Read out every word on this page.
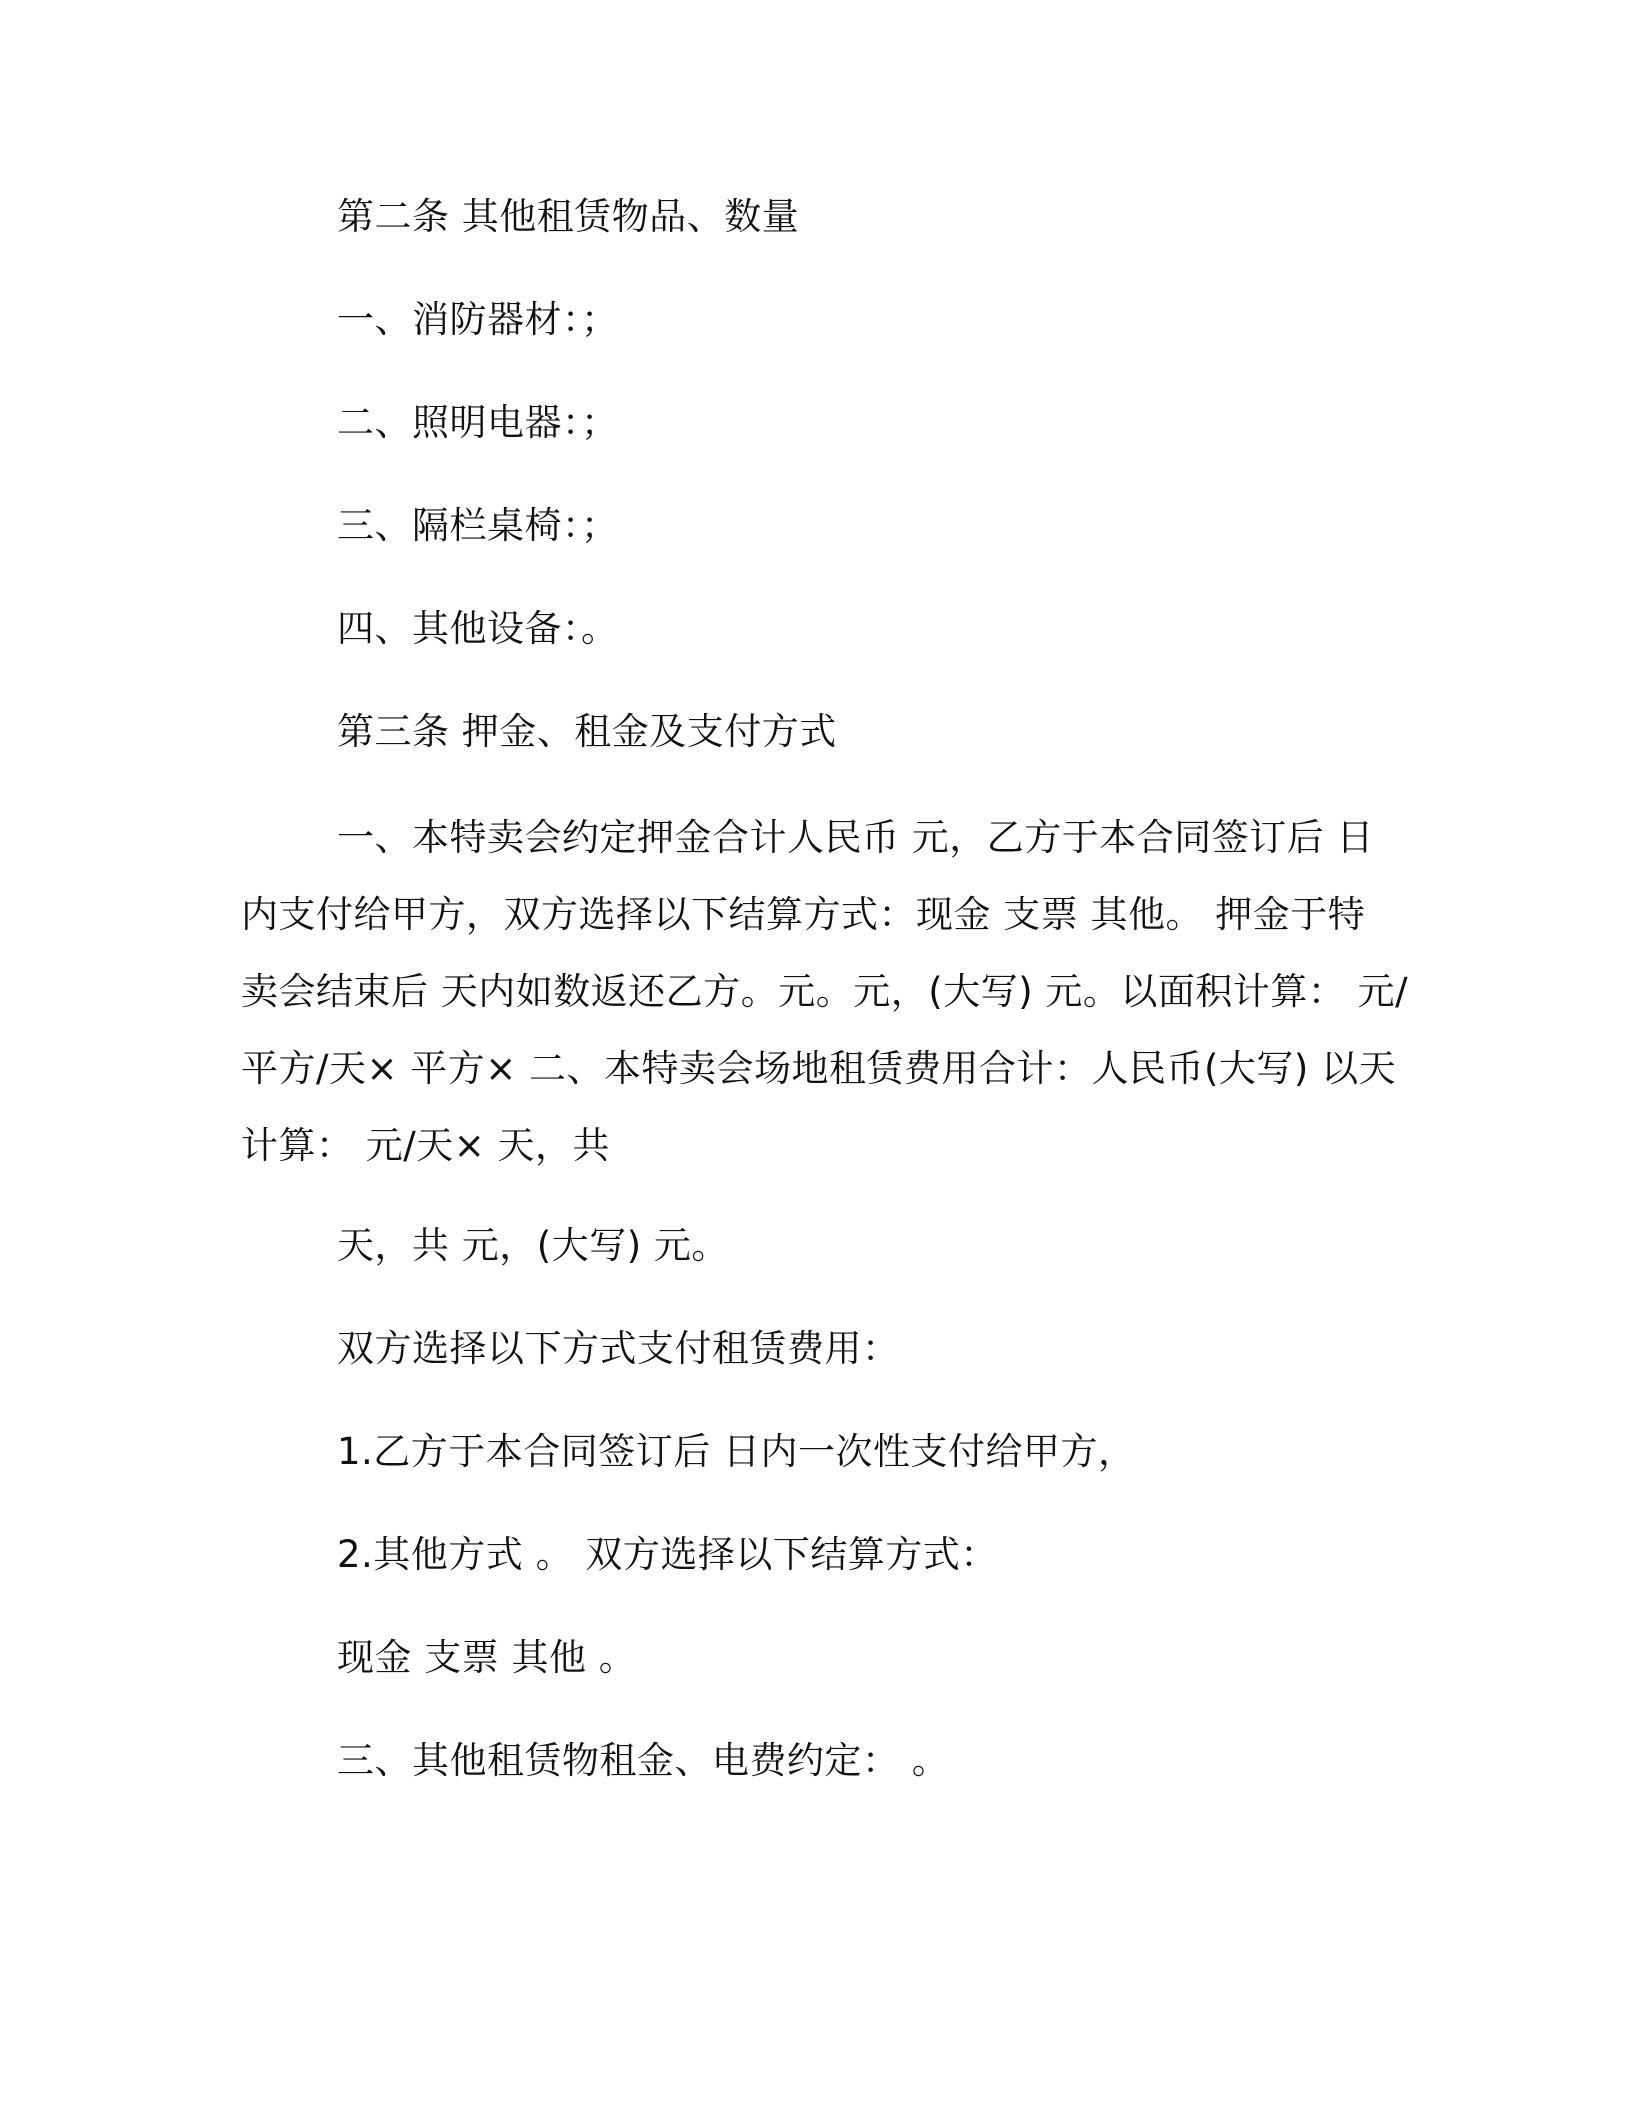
第二条 其他租赁物品、数量
一、消防器材：；
二、照明电器：；
三、隔栏桌椅：；
四、其他设备：。
第三条 押金、租金及支付方式
一、本特卖会约定押金合计人民币 元，乙方于本合同签订后 日
内支付给甲方，双方选择以下结算方式：现金 支票 其他。 押金于特
卖会结束后 天内如数返还乙方。元。元，(大写) 元。以面积计算： 元/
平方/天× 平方× 二、本特卖会场地租赁费用合计：人民币(大写) 以天
计算： 元/天× 天，共
天，共 元，(大写) 元。
双方选择以下方式支付租赁费用：
1.乙方于本合同签订后 日内一次性支付给甲方，
2.其他方式 。 双方选择以下结算方式：
现金 支票 其他 。
三、其他租赁物租金、电费约定： 。
